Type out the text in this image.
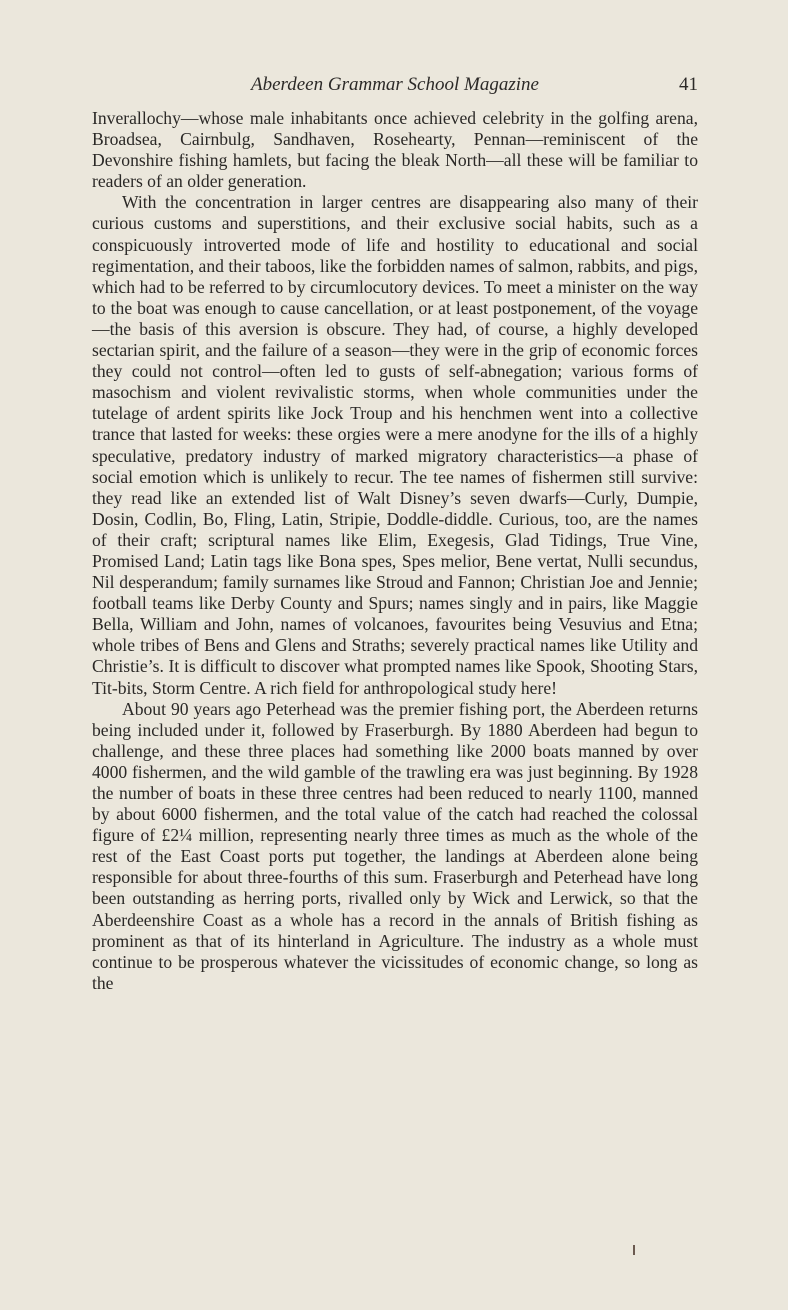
Aberdeen Grammar School Magazine	41

Inverallochy—whose male inhabitants once achieved celebrity in the golfing arena, Broadsea, Cairnbulg, Sandhaven, Rosehearty, Pennan—reminiscent of the Devonshire fishing hamlets, but facing the bleak North—all these will be familiar to readers of an older generation.

With the concentration in larger centres are disappearing also many of their curious customs and superstitions, and their exclusive social habits, such as a conspicuously introverted mode of life and hostility to educational and social regimentation, and their taboos, like the forbidden names of salmon, rabbits, and pigs, which had to be referred to by circumlocutory devices. To meet a minister on the way to the boat was enough to cause cancellation, or at least postponement, of the voyage—the basis of this aversion is obscure. They had, of course, a highly developed sectarian spirit, and the failure of a season—they were in the grip of economic forces they could not control—often led to gusts of self-abnegation; various forms of masochism and violent revivalistic storms, when whole communities under the tutelage of ardent spirits like Jock Troup and his henchmen went into a collective trance that lasted for weeks: these orgies were a mere anodyne for the ills of a highly speculative, predatory industry of marked migratory characteristics—a phase of social emotion which is unlikely to recur. The tee names of fishermen still survive: they read like an extended list of Walt Disney’s seven dwarfs—Curly, Dumpie, Dosin, Codlin, Bo, Fling, Latin, Stripie, Doddle-diddle. Curious, too, are the names of their craft; scriptural names like Elim, Exegesis, Glad Tidings, True Vine, Promised Land; Latin tags like Bona spes, Spes melior, Bene vertat, Nulli secundus, Nil desperandum; family surnames like Stroud and Fannon; Christian Joe and Jennie; football teams like Derby County and Spurs; names singly and in pairs, like Maggie Bella, William and John, names of volcanoes, favourites being Vesuvius and Etna; whole tribes of Bens and Glens and Straths; severely practical names like Utility and Christie’s. It is difficult to discover what prompted names like Spook, Shooting Stars, Tit-bits, Storm Centre. A rich field for anthropological study here!

About 90 years ago Peterhead was the premier fishing port, the Aberdeen returns being included under it, followed by Fraserburgh. By 1880 Aberdeen had begun to challenge, and these three places had something like 2000 boats manned by over 4000 fishermen, and the wild gamble of the trawling era was just beginning. By 1928 the number of boats in these three centres had been reduced to nearly 1100, manned by about 6000 fishermen, and the total value of the catch had reached the colossal figure of £2¼ million, representing nearly three times as much as the whole of the rest of the East Coast ports put together, the landings at Aberdeen alone being responsible for about three-fourths of this sum. Fraserburgh and Peterhead have long been outstanding as herring ports, rivalled only by Wick and Lerwick, so that the Aberdeenshire Coast as a whole has a record in the annals of British fishing as prominent as that of its hinterland in Agriculture. The industry as a whole must continue to be prosperous whatever the vicissitudes of economic change, so long as the
